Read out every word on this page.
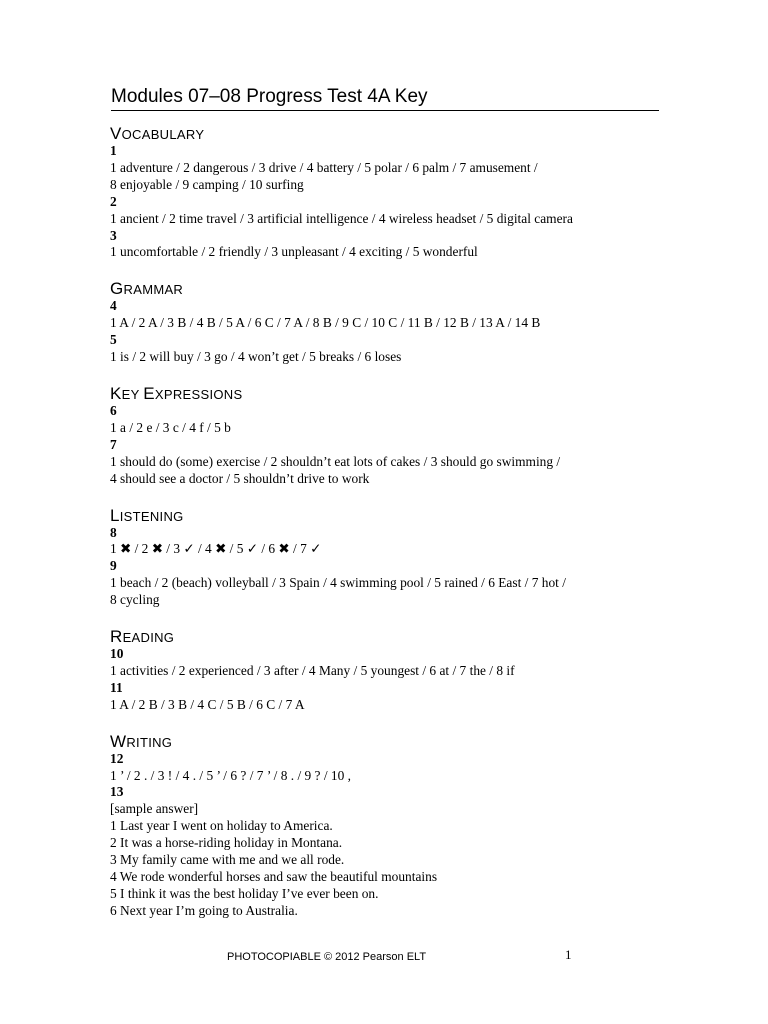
Modules 07–08 Progress Test 4A Key
VOCABULARY
1
1 adventure / 2 dangerous / 3 drive / 4 battery / 5 polar / 6 palm / 7 amusement /
8 enjoyable / 9 camping / 10 surfing
2
1 ancient / 2 time travel / 3 artificial intelligence / 4 wireless headset / 5 digital camera
3
1 uncomfortable / 2 friendly / 3 unpleasant / 4 exciting / 5 wonderful
GRAMMAR
4
1 A / 2 A / 3 B / 4 B / 5 A / 6 C / 7 A / 8 B / 9 C / 10 C / 11 B / 12 B / 13 A / 14 B
5
1 is / 2 will buy / 3 go / 4 won’t get / 5 breaks / 6 loses
KEY EXPRESSIONS
6
1 a / 2 e / 3 c / 4 f / 5 b
7
1 should do (some) exercise / 2 shouldn’t eat lots of cakes / 3 should go swimming /
4 should see a doctor / 5 shouldn’t drive to work
LISTENING
8
1 ✖ / 2 ✖ / 3 ✓ / 4 ✖ / 5 ✓ / 6 ✖ / 7 ✓
9
1 beach / 2 (beach) volleyball / 3 Spain / 4 swimming pool / 5 rained / 6 East / 7 hot /
8 cycling
READING
10
1 activities / 2 experienced / 3 after / 4 Many / 5 youngest / 6 at / 7 the / 8 if
11
1 A / 2 B / 3 B / 4 C / 5 B / 6 C / 7 A
WRITING
12
1 ’ / 2 . / 3 ! / 4 . / 5 ’ / 6 ? / 7 ’ / 8 . / 9 ? / 10 ,
13
[sample answer]
1 Last year I went on holiday to America.
2 It was a horse-riding holiday in Montana.
3 My family came with me and we all rode.
4 We rode wonderful horses and saw the beautiful mountains
5 I think it was the best holiday I’ve ever been on.
6 Next year I’m going to Australia.
PHOTOCOPIABLE © 2012 Pearson ELT	1
